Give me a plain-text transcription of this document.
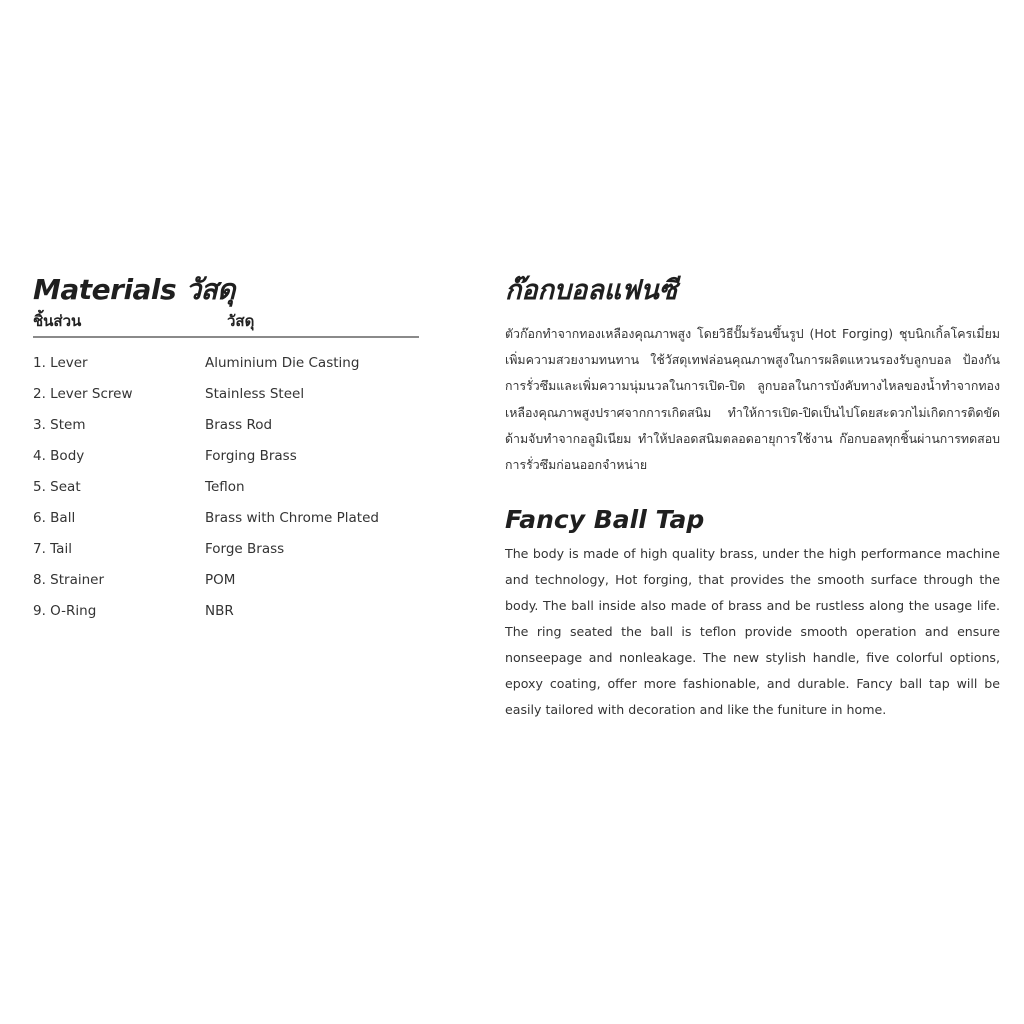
Materials วัสดุ
ชิ้นส่วน	วัสดุ
1. Lever	Aluminium Die Casting
2. Lever Screw	Stainless Steel
3. Stem	Brass Rod
4. Body	Forging Brass
5. Seat	Teflon
6. Ball	Brass with Chrome Plated
7. Tail	Forge Brass
8. Strainer	POM
9. O-Ring	NBR
ก๊อกบอลแฟนซี

ตัวก๊อกทำจากทองเหลืองคุณภาพสูง โดยวิธีปั๊มร้อนขึ้นรูป (Hot Forging) ชุบนิกเกิ้ลโครเมี่ยมเพิ่มความสวยงามทนทาน ใช้วัสดุเทฟล่อนคุณภาพสูงในการผลิตแหวนรองรับลูกบอล ป้องกันการรั่วซึมและเพิ่มความนุ่มนวลในการเปิด-ปิด ลูกบอลในการบังคับทางไหลของน้ำทำจากทองเหลืองคุณภาพสูงปราศจากการเกิดสนิม ทำให้การเปิด-ปิดเป็นไปโดยสะดวกไม่เกิดการติดขัด ด้ามจับทำจากอลูมิเนียม ทำให้ปลอดสนิมตลอดอายุการใช้งาน ก๊อกบอลทุกชิ้นผ่านการทดสอบการรั่วซึมก่อนออกจำหน่าย

Fancy Ball Tap

The body is made of high quality brass, under the high performance machine and technology, Hot forging, that provides the smooth surface through the body. The ball inside also made of brass and be rustless along the usage life. The ring seated the ball is teflon provide smooth operation and ensure nonseepage and nonleakage. The new stylish handle, five colorful options, epoxy coating, offer more fashionable, and durable. Fancy ball tap will be easily tailored with decoration and like the funiture in home.
